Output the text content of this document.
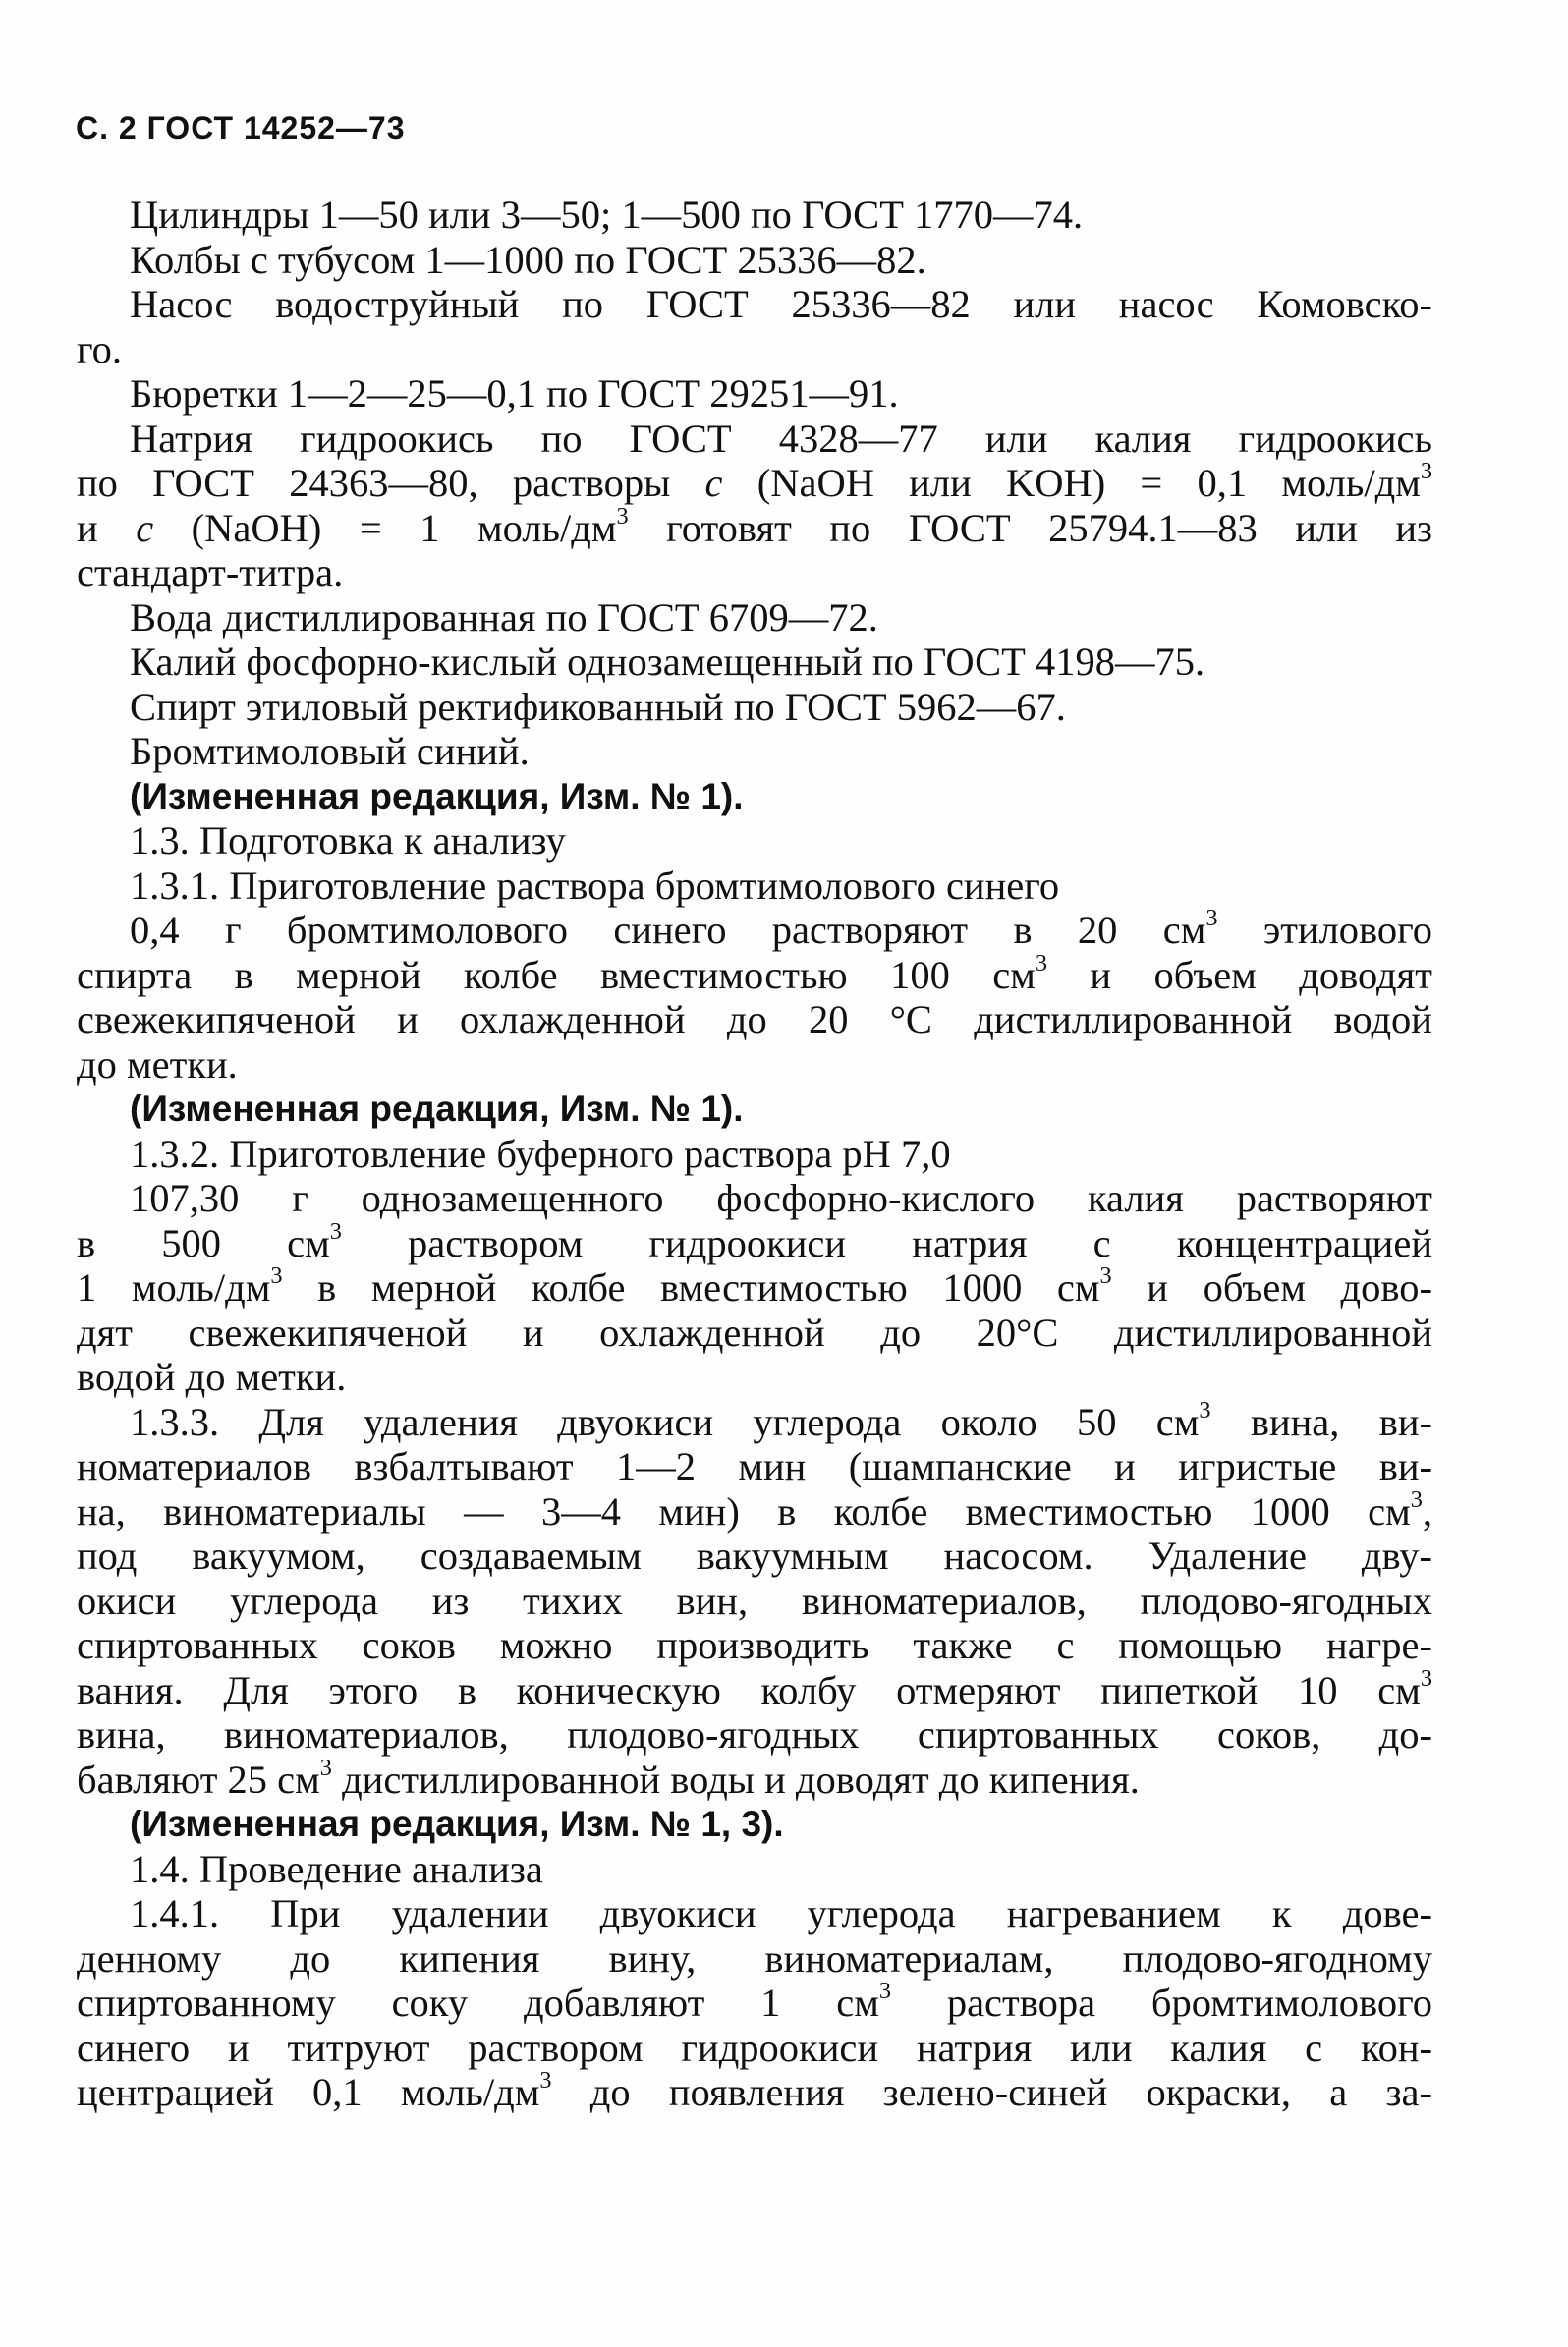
С. 2 ГОСТ 14252—73

Цилиндры 1—50 или 3—50; 1—500 по ГОСТ 1770—74.

Колбы с тубусом 1—1000 по ГОСТ 25336—82.

Насос водоструйный по ГОСТ 25336—82 или насос Комовско-
го.

Бюретки 1—2—25—0,1 по ГОСТ 29251—91.

Натрия гидроокись по ГОСТ 4328—77 или калия гидроокись
по ГОСТ 24363—80, растворы c (NaOH или KOH) = 0,1 моль/$дм^3$
и c (NaOH) = 1 моль/$дм^3$ готовят по ГОСТ 25794.1—83 или из
стандарт-титра.

Вода дистиллированная по ГОСТ 6709—72.

Калий фосфорно-кислый однозамещенный по ГОСТ 4198—75.

Спирт этиловый ректификованный по ГОСТ 5962—67.

Бромтимоловый синий.

(Измененная редакция, Изм. № 1).

1.3. Подготовка к анализу

1.3.1. Приготовление раствора бромтимолового синего

0,4 г бромтимолового синего растворяют в 20 $см^3$ этилового
спирта в мерной колбе вместимостью 100 $см^3$ и объем доводят
свежекипяченой и охлажденной до 20 °С дистиллированной водой
до метки.

(Измененная редакция, Изм. № 1).

1.3.2. Приготовление буферного раствора pH 7,0

107,30 г однозамещенного фосфорно-кислого калия растворяют
в 500 $см^3$ раствором гидроокиси натрия с концентрацией
1 моль/$дм^3$ в мерной колбе вместимостью 1000 $см^3$ и объем дово-
дят свежекипяченой и охлажденной до 20°С дистиллированной
водой до метки.

1.3.3. Для удаления двуокиси углерода около 50 $см^3$ вина, ви-
номатериалов взбалтывают 1—2 мин (шампанские и игристые ви-
на, виноматериалы — 3—4 мин) в колбе вместимостью 1000 $см^3$,
под вакуумом, создаваемым вакуумным насосом. Удаление дву-
окиси углерода из тихих вин, виноматериалов, плодово-ягодных
спиртованных соков можно производить также с помощью нагре-
вания. Для этого в коническую колбу отмеряют пипеткой 10 $см^3$
вина, виноматериалов, плодово-ягодных спиртованных соков, до-
бавляют 25 $см^3$ дистиллированной воды и доводят до кипения.

(Измененная редакция, Изм. № 1, 3).

1.4. Проведение анализа

1.4.1. При удалении двуокиси углерода нагреванием к дове-
денному до кипения вину, виноматериалам, плодово-ягодному
спиртованному соку добавляют 1 $см^3$ раствора бромтимолового
синего и титруют раствором гидроокиси натрия или калия с кон-
центрацией 0,1 моль/$дм^3$ до появления зелено-синей окраски, а за-
